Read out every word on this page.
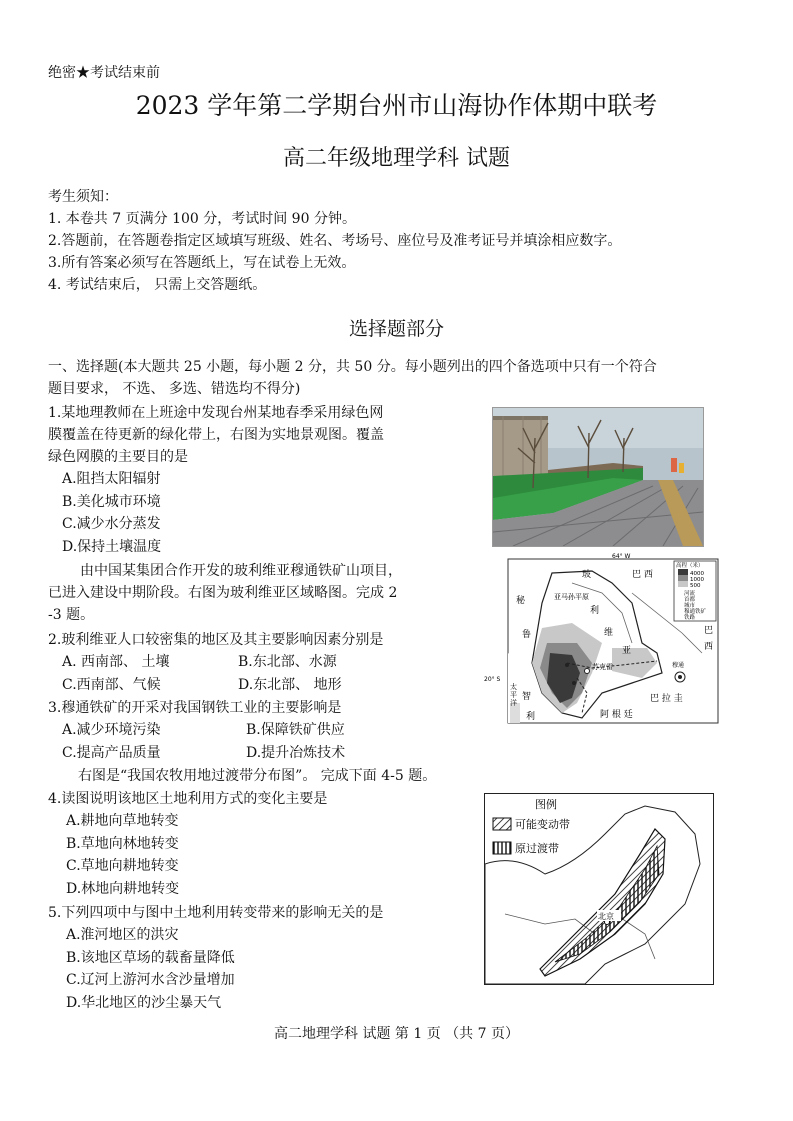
绝密★考试结束前
2023 学年第二学期台州市山海协作体期中联考
高二年级地理学科 试题
考生须知：
1. 本卷共 7 页满分 100 分，考试时间 90 分钟。
2.答题前，在答题卷指定区域填写班级、姓名、考场号、座位号及准考证号并填涂相应数字。
3.所有答案必须写在答题纸上，写在试卷上无效。
4. 考试结束后， 只需上交答题纸。
选择题部分
一、选择题(本大题共 25 小题，每小题 2 分，共 50 分。每小题列出的四个备选项中只有一个符合
题目要求， 不选、 多选、错选均不得分)
1.某地理教师在上班途中发现台州某地春季采用绿色网
膜覆盖在待更新的绿化带上，右图为实地景观图。覆盖
绿色网膜的主要目的是
A.阻挡太阳辐射
B.美化城市环境
C.减少水分蒸发
D.保持土壤温度
由中国某集团合作开发的玻利维亚穆通铁矿山项目，
已进入建设中期阶段。右图为玻利维亚区域略图。完成 2
-3 题。
2.玻利维亚人口较密集的地区及其主要影响因素分别是
A. 西南部、 土壤	B.东北部、水源
C.西南部、气候	D.东北部、 地形
3.穆通铁矿的开采对我国钢铁工业的主要影响是
A.减少环境污染	B.保障铁矿供应
C.提高产品质量	D.提升冶炼技术
右图是“我国农牧用地过渡带分布图”。 完成下面 4-5 题。
4.读图说明该地区土地利用方式的变化主要是
A.耕地向草地转变
B.草地向林地转变
C.草地向耕地转变
D.林地向耕地转变
5.下列四项中与图中土地利用转变带来的影响无关的是
A.淮河地区的洪灾
B.该地区草场的载畜量降低
C.辽河上游河水含沙量增加
D.华北地区的沙尘暴天气
高程（米）
4000
1000
500
河流
首都
城市
穆通铁矿
铁路
64° W
20° S
玻
利
维
亚
巴 西
巴
西
秘
鲁
智
利
太
平
洋
阿 根 廷
巴 拉 圭
亚马孙平原
苏克雷	穆通
北京
图例
可能变动带
原过渡带
高二地理学科 试题 第 1 页 （共 7 页）
